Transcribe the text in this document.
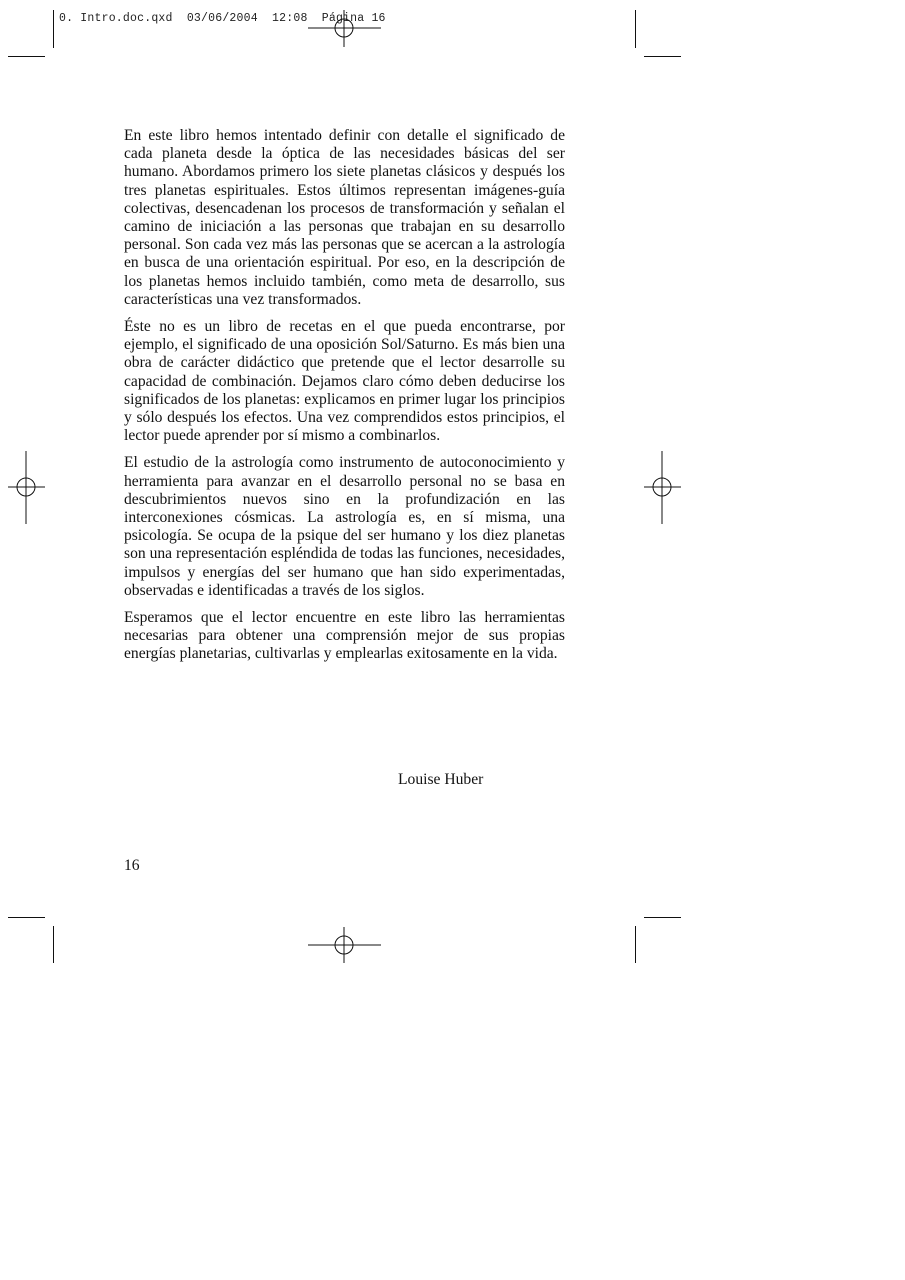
0. Intro.doc.qxd  03/06/2004  12:08  Página 16

En este libro hemos intentado definir con detalle el significado de cada planeta desde la óptica de las necesidades básicas del ser humano. Abordamos primero los siete planetas clásicos y después los tres planetas espirituales. Estos últimos representan imágenes-guía colectivas, desencadenan los procesos de transformación y señalan el camino de iniciación a las personas que trabajan en su desarrollo personal. Son cada vez más las personas que se acercan a la astrología en busca de una orientación espiritual. Por eso, en la descripción de los planetas hemos incluido también, como meta de desarrollo, sus características una vez transformados.

Éste no es un libro de recetas en el que pueda encontrarse, por ejemplo, el significado de una oposición Sol/Saturno. Es más bien una obra de carácter didáctico que pretende que el lector desarrolle su capacidad de combinación. Dejamos claro cómo deben deducirse los significados de los planetas: explicamos en primer lugar los principios y sólo después los efectos. Una vez comprendidos estos principios, el lector puede aprender por sí mismo a combinarlos.

El estudio de la astrología como instrumento de autoconocimiento y herramienta para avanzar en el desarrollo personal no se basa en descubrimientos nuevos sino en la profundización en las interconexiones cósmicas. La astrología es, en sí misma, una psicología. Se ocupa de la psique del ser humano y los diez planetas son una representación espléndida de todas las funciones, necesidades, impulsos y energías del ser humano que han sido experimentadas, observadas e identificadas a través de los siglos.

Esperamos que el lector encuentre en este libro las herramientas necesarias para obtener una comprensión mejor de sus propias energías planetarias, cultivarlas y emplearlas exitosamente en la vida.

Louise Huber
16
